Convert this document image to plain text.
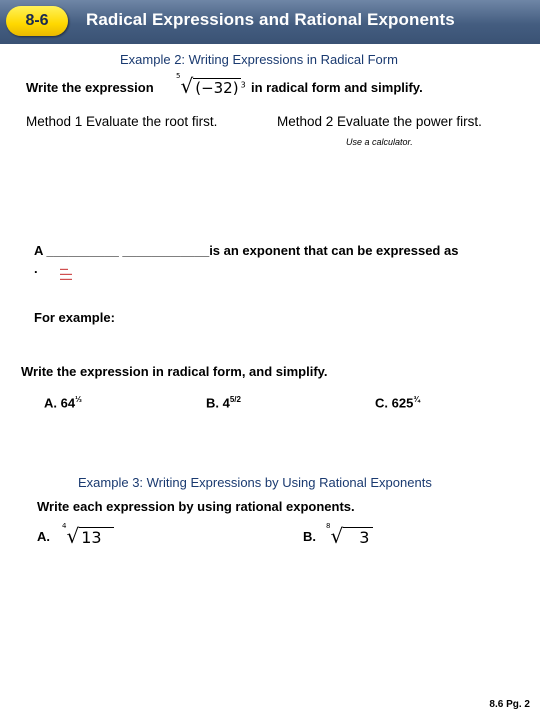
8-6	Radical Expressions and Rational Exponents
Example 2: Writing Expressions in Radical Form
Write the expression
$^5$√ (−32) $^3$ in radical form and simplify.
Method 1 Evaluate the root first.	Method 2 Evaluate the power first.
Use a calculator.
A __________ ____________is an exponent that can be expressed as
.	▬▬
▬▬▬
▬▬▬
For example:
Write the expression in radical form, and simplify.
A. $64^{\frac{1}{3}}$	B. $4^{5/2}$	C. $625^{\frac{3}{4}}$
Example 3: Writing Expressions by Using Rational Exponents
Write each expression by using rational exponents.
A.
$^4$√ 13	B.
$^8$√ 3
8.6 Pg. 2
